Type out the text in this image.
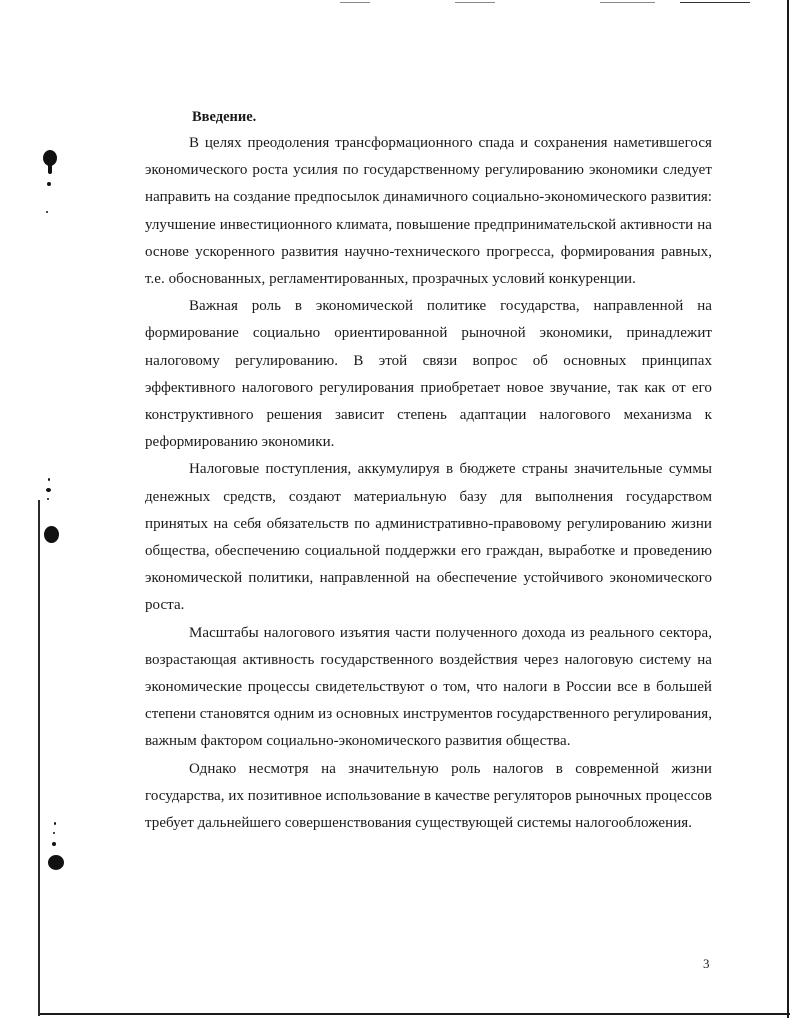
Введение.

В целях преодоления трансформационного спада и сохранения наметившегося экономического роста усилия по государственному регулированию экономики следует направить на создание предпосылок динамичного социально-экономического развития: улучшение инвестиционного климата, повышение предпринимательской активности на основе ускоренного развития научно-технического прогресса, формирования равных, т.е. обоснованных, регламентированных, прозрачных условий конкуренции.

Важная роль в экономической политике государства, направленной на формирование социально ориентированной рыночной экономики, принадлежит налоговому регулированию. В этой связи вопрос об основных принципах эффективного налогового регулирования приобретает новое звучание, так как от его конструктивного решения зависит степень адаптации налогового механизма к реформированию экономики.

Налоговые поступления, аккумулируя в бюджете страны значительные суммы денежных средств, создают материальную базу для выполнения государством принятых на себя обязательств по административно-правовому регулированию жизни общества, обеспечению социальной поддержки его граждан, выработке и проведению экономической политики, направленной на обеспечение устойчивого экономического роста.

Масштабы налогового изъятия части полученного дохода из реального сектора, возрастающая активность государственного воздействия через налоговую систему на экономические процессы свидетельствуют о том, что налоги в России все в большей степени становятся одним из основных инструментов государственного регулирования, важным фактором социально-экономического развития общества.

Однако несмотря на значительную роль налогов в современной жизни государства, их позитивное использование в качестве регуляторов рыночных процессов требует дальнейшего совершенствования существующей системы налогообложения.

3
